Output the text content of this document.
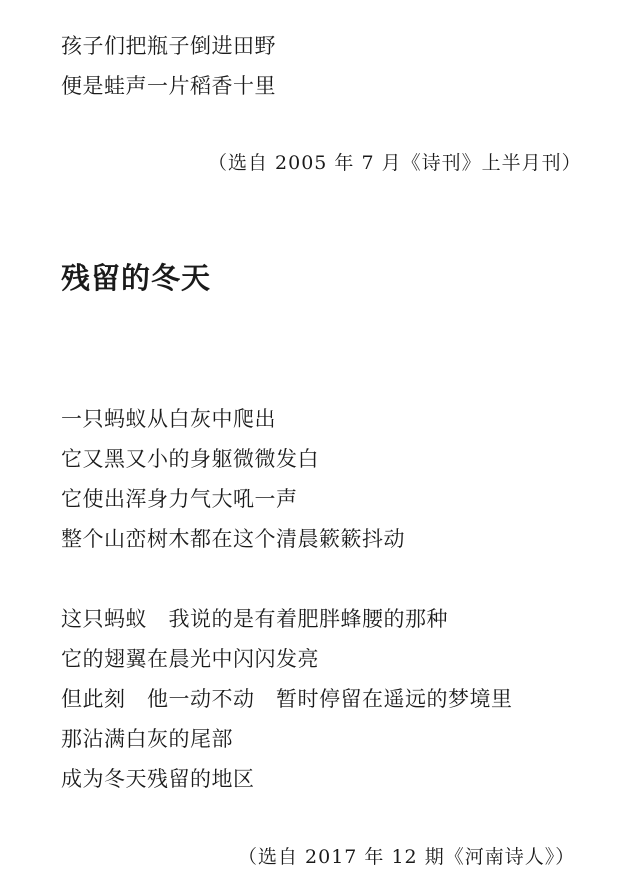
孩子们把瓶子倒进田野
便是蛙声一片稻香十里
（选自 2005 年 7 月《诗刊》上半月刊）
残留的冬天
一只蚂蚁从白灰中爬出
它又黑又小的身躯微微发白
它使出浑身力气大吼一声
整个山峦树木都在这个清晨簌簌抖动
这只蚂蚁　我说的是有着肥胖蜂腰的那种
它的翅翼在晨光中闪闪发亮
但此刻　他一动不动　暂时停留在遥远的梦境里
那沾满白灰的尾部
成为冬天残留的地区
（选自 2017 年 12 期《河南诗人》）
